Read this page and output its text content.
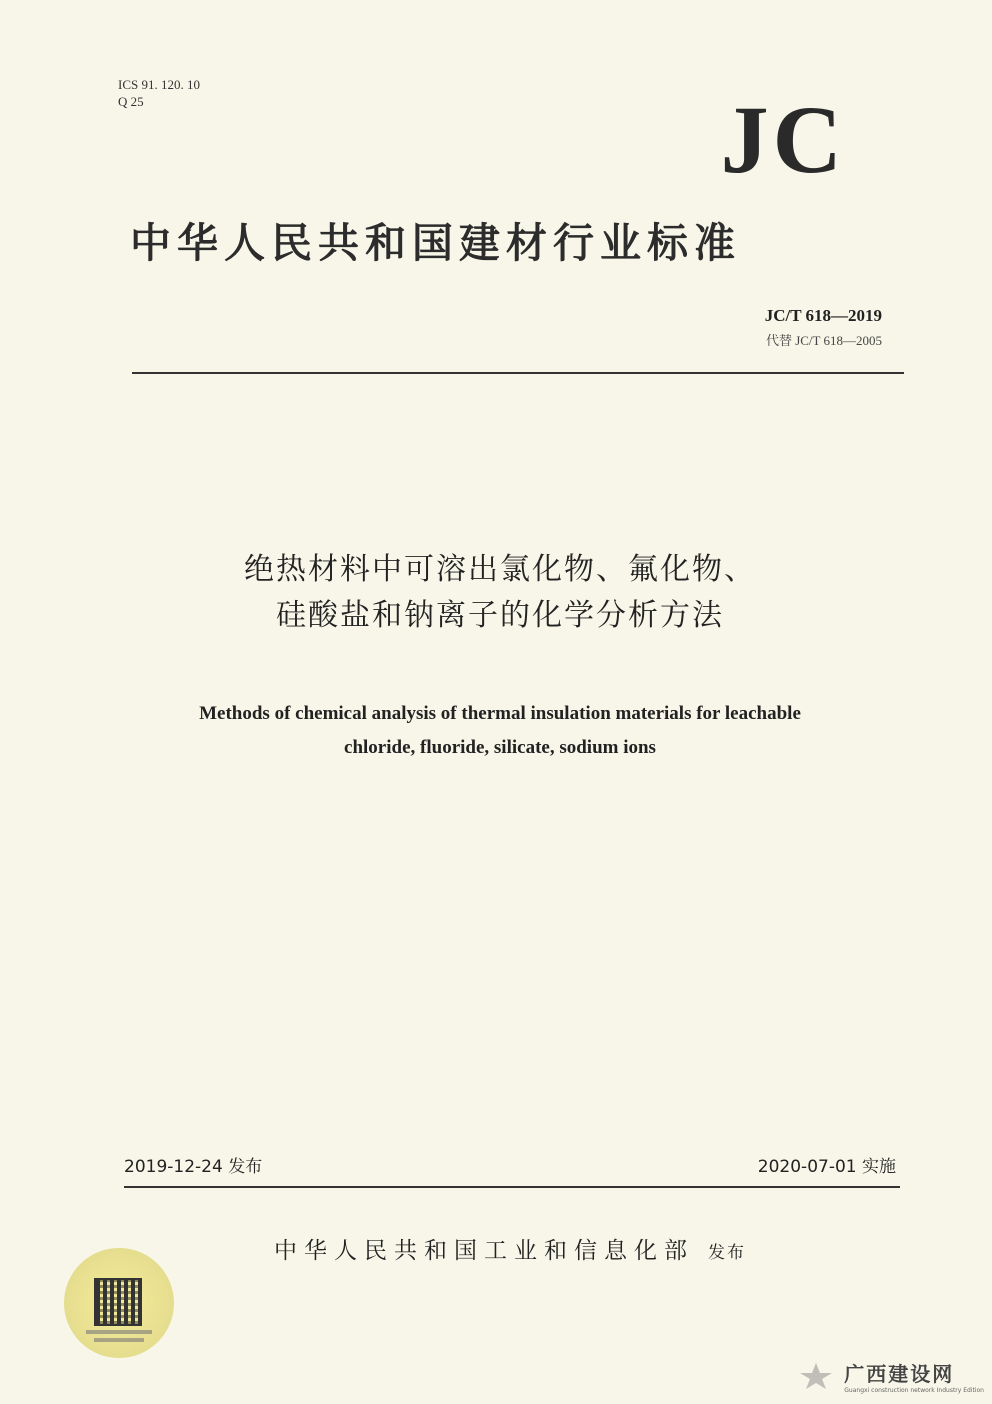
ICS 91. 120. 10
Q 25	JC
中华人民共和国建材行业标准
JC/T 618—2019
代替 JC/T 618—2005
绝热材料中可溶出氯化物、氟化物、
硅酸盐和钠离子的化学分析方法
Methods of chemical analysis of thermal insulation materials for leachable
chloride, fluoride, silicate, sodium ions
2019-12-24 发布	2020-07-01 实施
中华人民共和国工业和信息化部 发布
广西建设网
Guangxi construction network Industry Edition
